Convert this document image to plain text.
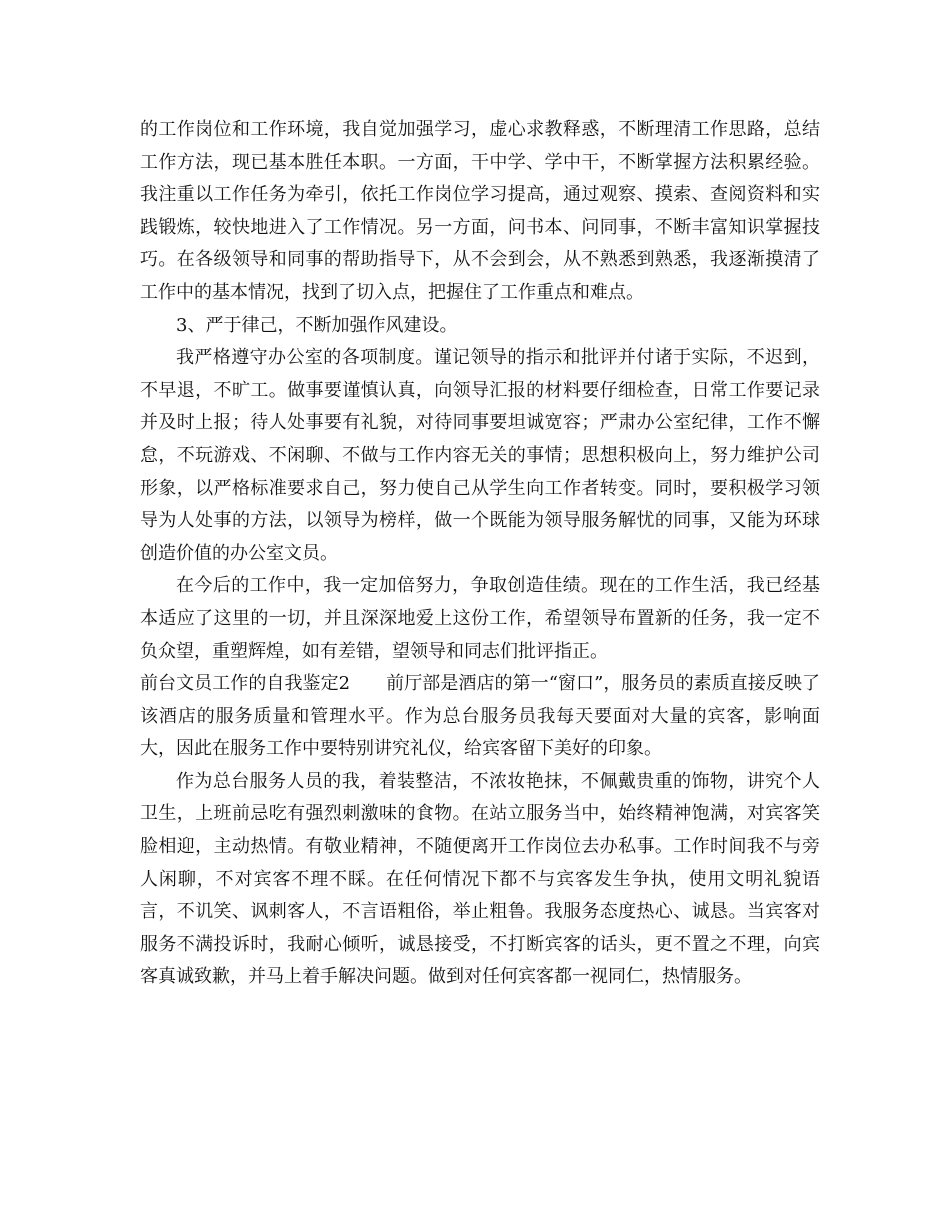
的工作岗位和工作环境，我自觉加强学习，虚心求教释惑，不断理清工作思路，总结工作方法，现已基本胜任本职。一方面，干中学、学中干，不断掌握方法积累经验。我注重以工作任务为牵引，依托工作岗位学习提高，通过观察、摸索、查阅资料和实践锻炼，较快地进入了工作情况。另一方面，问书本、问同事，不断丰富知识掌握技巧。在各级领导和同事的帮助指导下，从不会到会，从不熟悉到熟悉，我逐渐摸清了工作中的基本情况，找到了切入点，把握住了工作重点和难点。

3、严于律己，不断加强作风建设。

我严格遵守办公室的各项制度。谨记领导的指示和批评并付诸于实际，不迟到，不早退，不旷工。做事要谨慎认真，向领导汇报的材料要仔细检查，日常工作要记录并及时上报；待人处事要有礼貌，对待同事要坦诚宽容；严肃办公室纪律，工作不懈怠，不玩游戏、不闲聊、不做与工作内容无关的事情；思想积极向上，努力维护公司形象，以严格标准要求自己，努力使自己从学生向工作者转变。同时，要积极学习领导为人处事的方法，以领导为榜样，做一个既能为领导服务解忧的同事，又能为环球创造价值的办公室文员。

在今后的工作中，我一定加倍努力，争取创造佳绩。现在的工作生活，我已经基本适应了这里的一切，并且深深地爱上这份工作，希望领导布置新的任务，我一定不负众望，重塑辉煌，如有差错，望领导和同志们批评指正。

前台文员工作的自我鉴定2 前厅部是酒店的第一“窗口”，服务员的素质直接反映了该酒店的服务质量和管理水平。作为总台服务员我每天要面对大量的宾客，影响面大，因此在服务工作中要特别讲究礼仪，给宾客留下美好的印象。

作为总台服务人员的我，着装整洁，不浓妆艳抹，不佩戴贵重的饰物，讲究个人卫生，上班前忌吃有强烈刺激味的食物。在站立服务当中，始终精神饱满，对宾客笑脸相迎，主动热情。有敬业精神，不随便离开工作岗位去办私事。工作时间我不与旁人闲聊，不对宾客不理不睬。在任何情况下都不与宾客发生争执，使用文明礼貌语言，不讥笑、讽刺客人，不言语粗俗，举止粗鲁。我服务态度热心、诚恳。当宾客对服务不满投诉时，我耐心倾听，诚恳接受，不打断宾客的话头，更不置之不理，向宾客真诚致歉，并马上着手解决问题。做到对任何宾客都一视同仁，热情服务。
